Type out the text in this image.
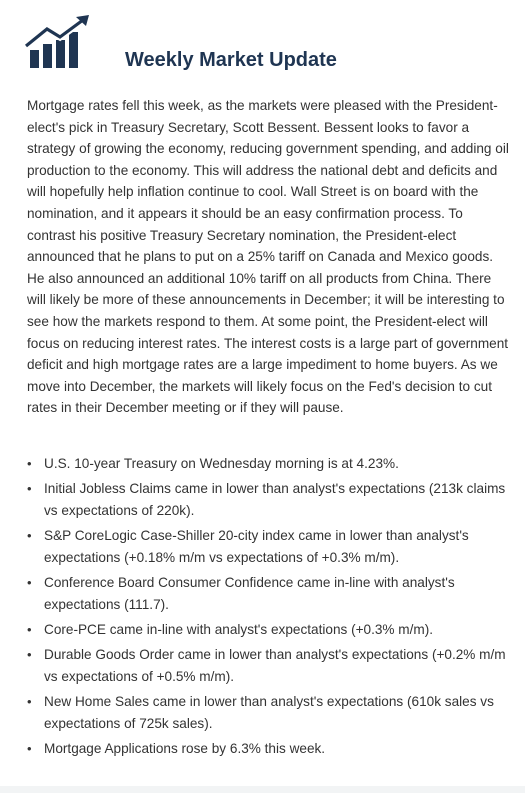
Weekly Market Update

Mortgage rates fell this week, as the markets were pleased with the President-elect's pick in Treasury Secretary, Scott Bessent. Bessent looks to favor a strategy of growing the economy, reducing government spending, and adding oil production to the economy. This will address the national debt and deficits and will hopefully help inflation continue to cool. Wall Street is on board with the nomination, and it appears it should be an easy confirmation process. To contrast his positive Treasury Secretary nomination, the President-elect announced that he plans to put on a 25% tariff on Canada and Mexico goods. He also announced an additional 10% tariff on all products from China. There will likely be more of these announcements in December; it will be interesting to see how the markets respond to them. At some point, the President-elect will focus on reducing interest rates. The interest costs is a large part of government deficit and high mortgage rates are a large impediment to home buyers. As we move into December, the markets will likely focus on the Fed's decision to cut rates in their December meeting or if they will pause.

• U.S. 10-year Treasury on Wednesday morning is at 4.23%.
• Initial Jobless Claims came in lower than analyst's expectations (213k claims vs expectations of 220k).
• S&P CoreLogic Case-Shiller 20-city index came in lower than analyst's expectations (+0.18% m/m vs expectations of +0.3% m/m).
• Conference Board Consumer Confidence came in-line with analyst's expectations (111.7).
• Core-PCE came in-line with analyst's expectations (+0.3% m/m).
• Durable Goods Order came in lower than analyst's expectations (+0.2% m/m vs expectations of +0.5% m/m).
• New Home Sales came in lower than analyst's expectations (610k sales vs expectations of 725k sales).
• Mortgage Applications rose by 6.3% this week.
